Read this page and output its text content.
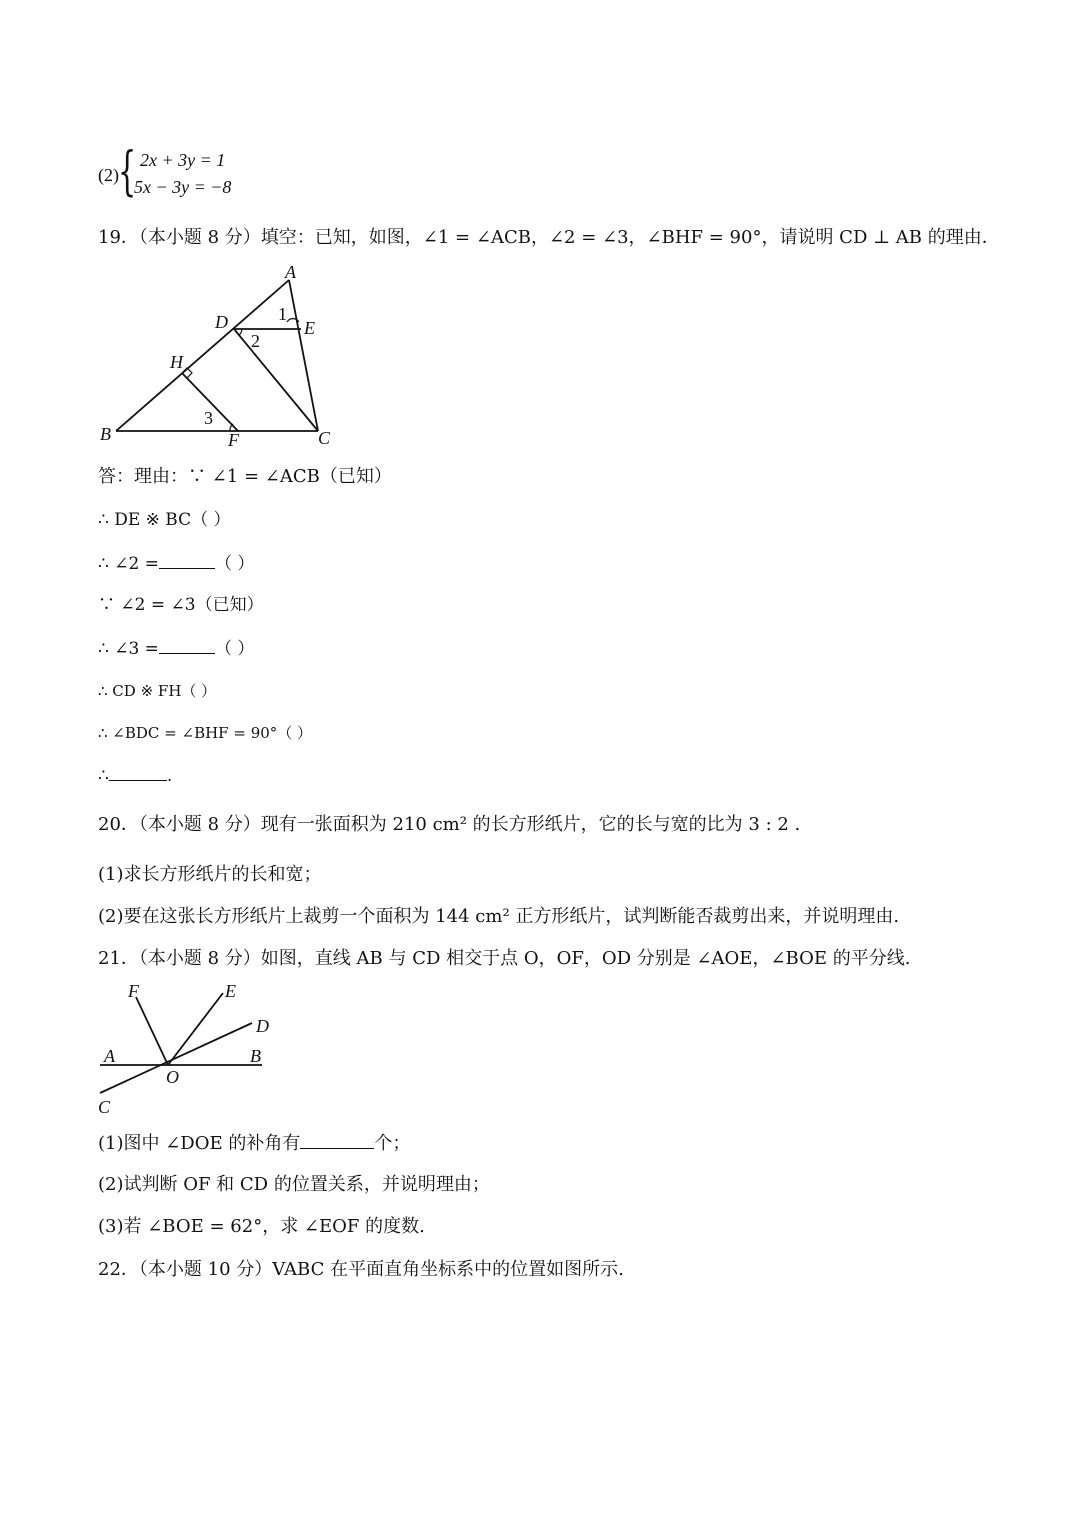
(2) { 2x + 3y = 1
5x − 3y = −8
19．（本小题 8 分）填空：已知，如图，∠1 = ∠ACB，∠2 = ∠3，∠BHF = 90°，请说明 CD ⊥ AB 的理由．
A
B	C
D	E
F
H
1
2
3
答：理由：∵ ∠1 = ∠ACB（已知）
∴ DE ※ BC（ ）
∴ ∠2 =	（ ）
∵ ∠2 = ∠3（已知）
∴ ∠3 =	（ ）
∴ CD ※ FH（ ）
∴ ∠BDC = ∠BHF = 90°（ ）
∴	.
20．（本小题 8 分）现有一张面积为 210 cm² 的长方形纸片，它的长与宽的比为 3 : 2 .
(1)求长方形纸片的长和宽；
(2)要在这张长方形纸片上裁剪一个面积为 144 cm² 正方形纸片，试判断能否裁剪出来，并说明理由.
21．（本小题 8 分）如图，直线 AB 与 CD 相交于点 O，OF，OD 分别是 ∠AOE，∠BOE 的平分线.
F	E
D
A	B
O
C
(1)图中 ∠DOE 的补角有	个；
(2)试判断 OF 和 CD 的位置关系，并说明理由；
(3)若 ∠BOE = 62°，求 ∠EOF 的度数.
22．（本小题 10 分）VABC 在平面直角坐标系中的位置如图所示.
